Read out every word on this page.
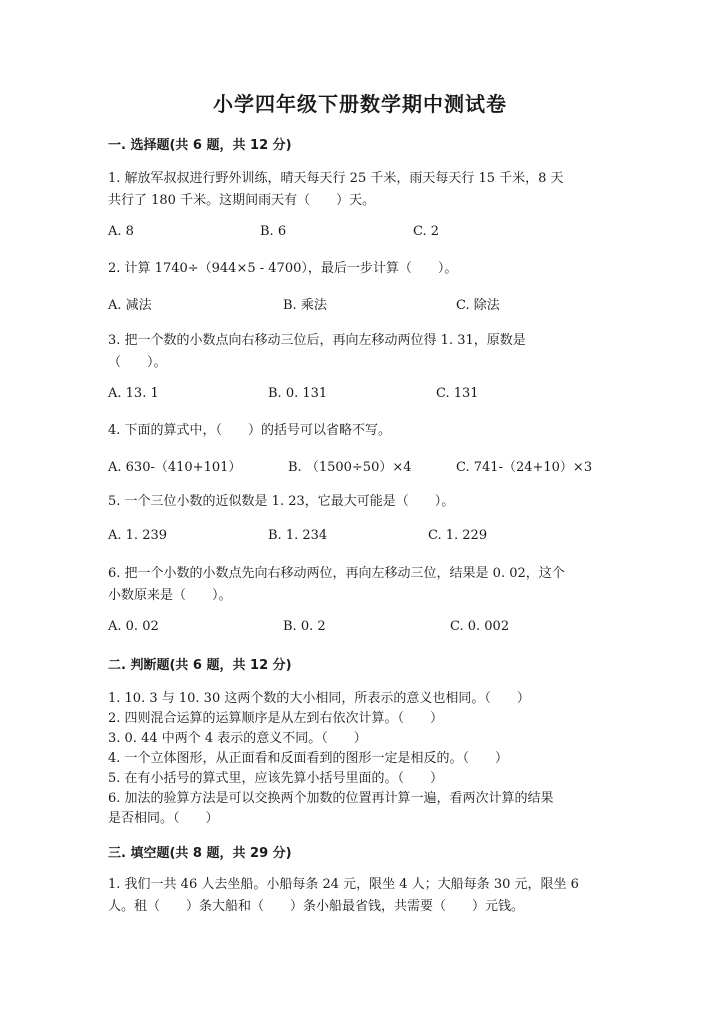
小学四年级下册数学期中测试卷
一. 选择题(共 6 题，共 12 分)
1. 解放军叔叔进行野外训练，晴天每天行 25 千米，雨天每天行 15 千米，8 天
共行了 180 千米。这期间雨天有（　　）天。
A. 8	B. 6	C. 2
2. 计算 1740÷（944×5 - 4700），最后一步计算（　　）。
A. 减法	B. 乘法	C. 除法
3. 把一个数的小数点向右移动三位后，再向左移动两位得 1. 31，原数是
（　　）。
A. 13. 1	B. 0. 131	C. 131
4. 下面的算式中，（　　）的括号可以省略不写。
A. 630-（410+101）	B. （1500÷50）×4	C. 741-（24+10）×3
5. 一个三位小数的近似数是 1. 23，它最大可能是（　　）。
A. 1. 239	B. 1. 234	C. 1. 229
6. 把一个小数的小数点先向右移动两位，再向左移动三位，结果是 0. 02，这个
小数原来是（　　）。
A. 0. 02	B. 0. 2	C. 0. 002
二. 判断题(共 6 题，共 12 分)
1. 10. 3 与 10. 30 这两个数的大小相同，所表示的意义也相同。（　　）
2. 四则混合运算的运算顺序是从左到右依次计算。（　　）
3. 0. 44 中两个 4 表示的意义不同。（　　）
4. 一个立体图形，从正面看和反面看到的图形一定是相反的。（　　）
5. 在有小括号的算式里，应该先算小括号里面的。（　　）
6. 加法的验算方法是可以交换两个加数的位置再计算一遍，看两次计算的结果
是否相同。（　　）
三. 填空题(共 8 题，共 29 分)
1. 我们一共 46 人去坐船。小船每条 24 元，限坐 4 人；大船每条 30 元，限坐 6
人。租（　　）条大船和（　　）条小船最省钱，共需要（　　）元钱。
